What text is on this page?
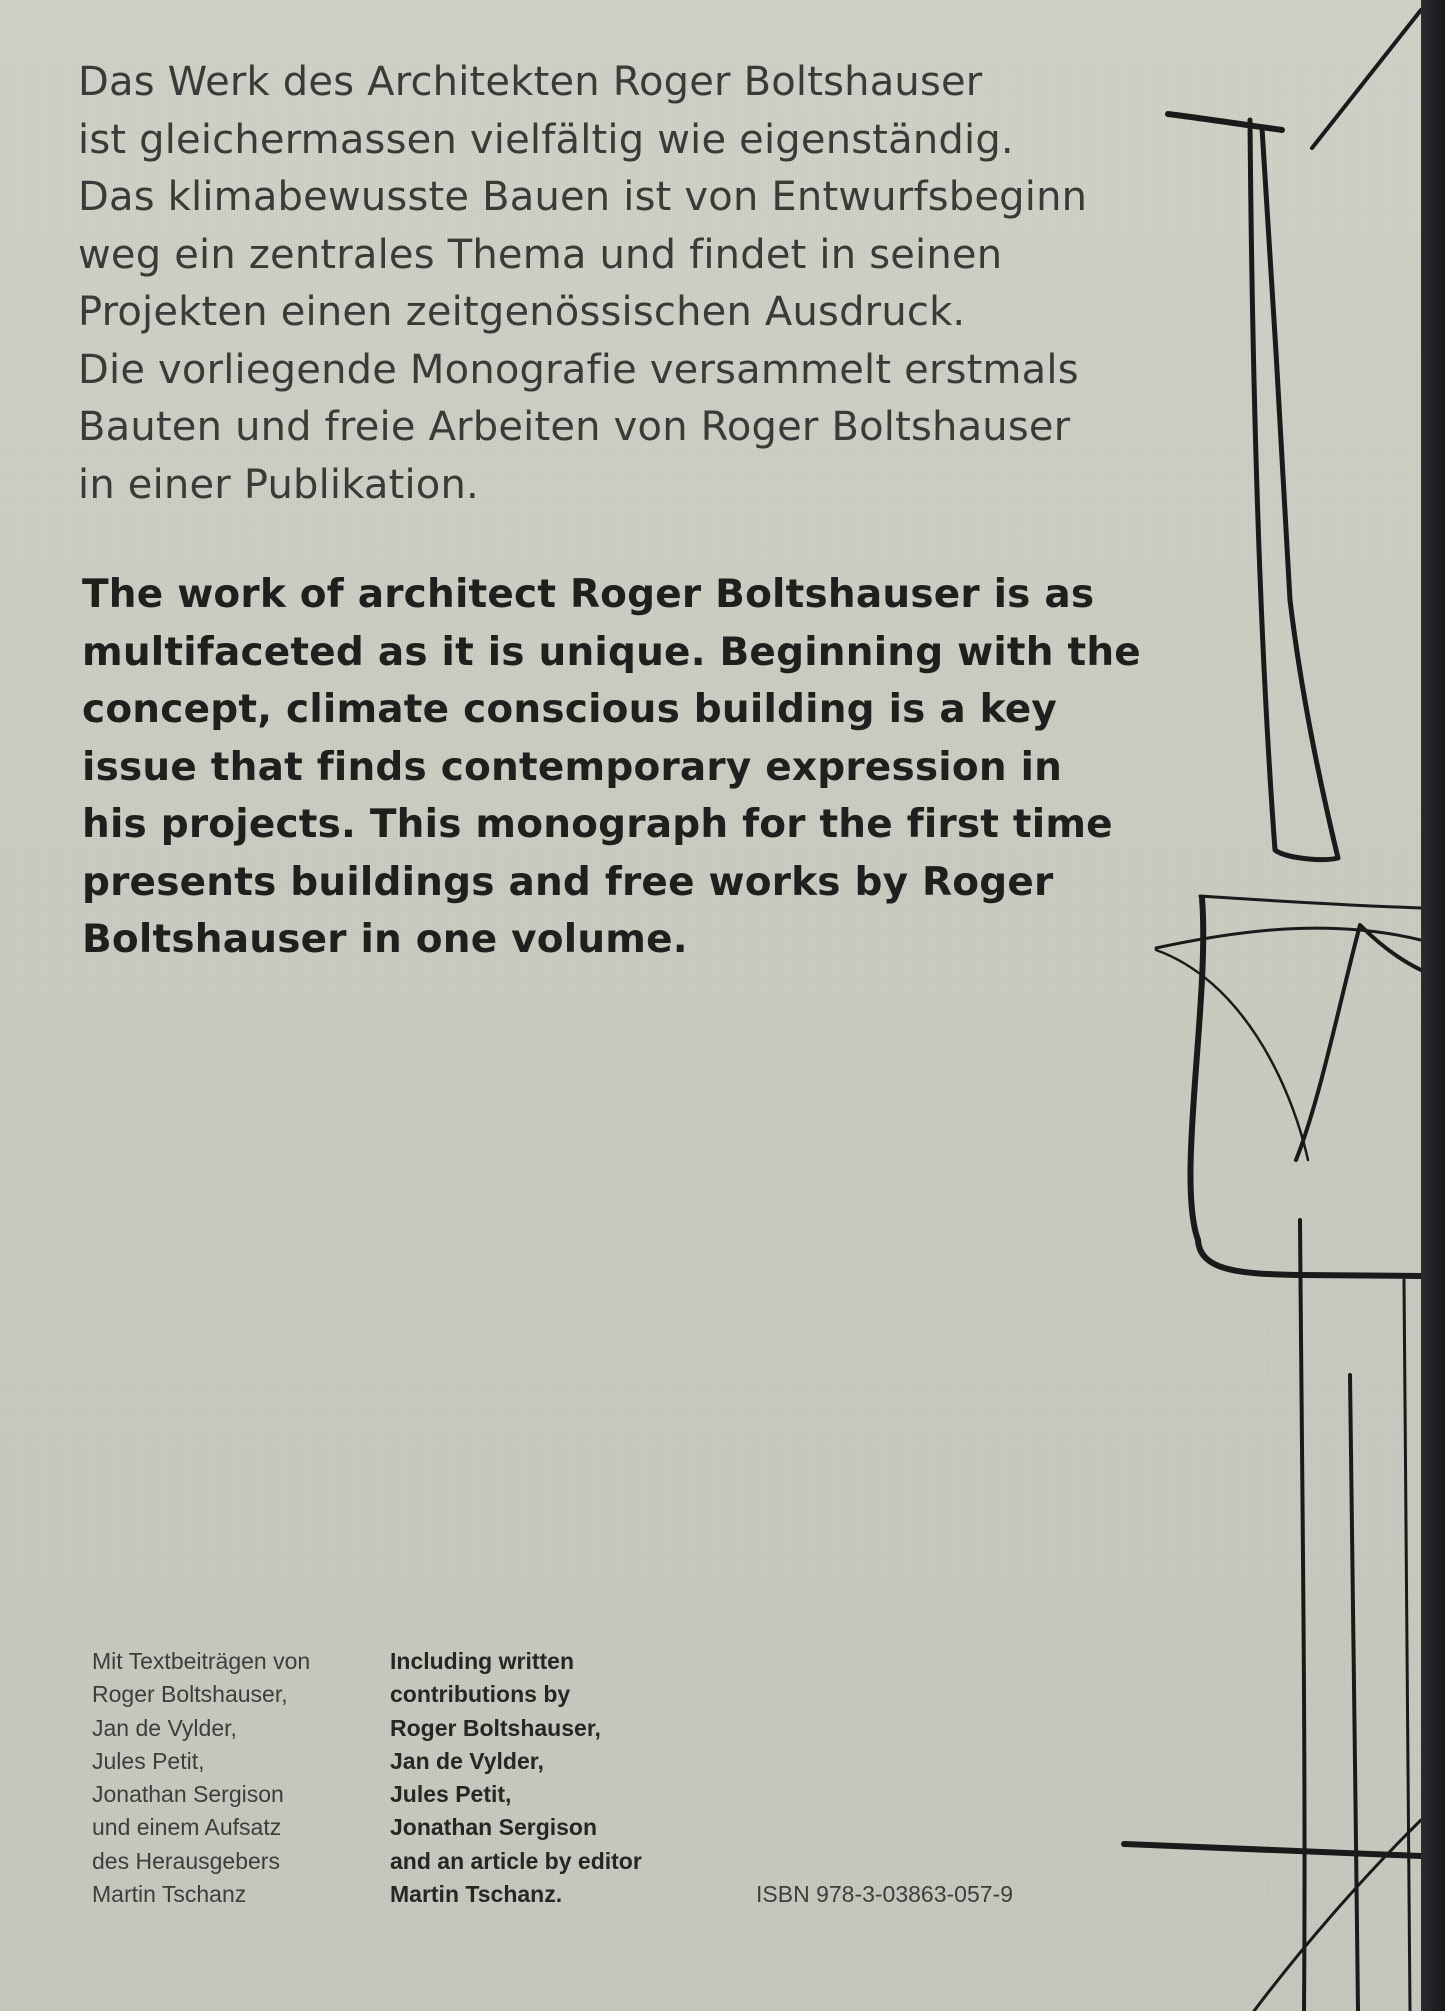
Das Werk des Architekten Roger Boltshauser
ist gleichermassen vielfältig wie eigenständig.
Das klimabewusste Bauen ist von Entwurfsbeginn
weg ein zentrales Thema und findet in seinen
Projekten einen zeitgenössischen Ausdruck.
Die vorliegende Monografie versammelt erstmals
Bauten und freie Arbeiten von Roger Boltshauser
in einer Publikation.

The work of architect Roger Boltshauser is as
multifaceted as it is unique. Beginning with the
concept, climate conscious building is a key
issue that finds contemporary expression in
his projects. This monograph for the first time
presents buildings and free works by Roger
Boltshauser in one volume.

Mit Textbeiträgen von
Roger Boltshauser,
Jan de Vylder,
Jules Petit,
Jonathan Sergison
und einem Aufsatz
des Herausgebers
Martin Tschanz

Including written
contributions by
Roger Boltshauser,
Jan de Vylder,
Jules Petit,
Jonathan Sergison
and an article by editor
Martin Tschanz.	ISBN 978-3-03863-057-9
